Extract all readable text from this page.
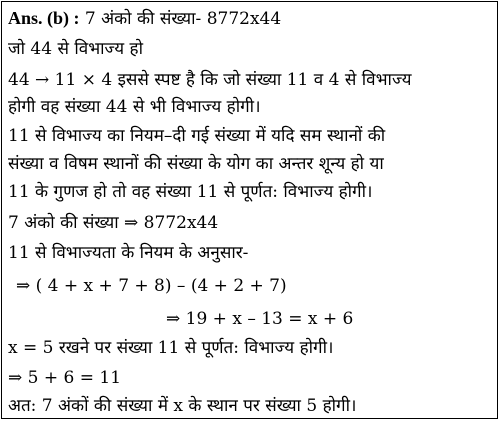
Ans. (b) : 7 अंको की संख्या- 8772x44
जो 44 से विभाज्य हो
44 → 11 × 4 इससे स्पष्ट है कि जो संख्या 11 व 4 से विभाज्य
होगी वह संख्या 44 से भी विभाज्य होगी।
11 से विभाज्य का नियम–दी गई संख्या में यदि सम स्थानों की
संख्या व विषम स्थानों की संख्या के योग का अन्तर शून्य हो या
11 के गुणज हो तो वह संख्या 11 से पूर्णत: विभाज्य होगी।
7 अंको की संख्या ⇒ 8772x44
11 से विभाज्यता के नियम के अनुसार-
⇒ ( 4 + x + 7 + 8) – (4 + 2 + 7)
⇒ 19 + x – 13 = x + 6
x = 5 रखने पर संख्या 11 से पूर्णत: विभाज्य होगी।
⇒ 5 + 6 = 11
अत: 7 अंकों की संख्या में x के स्थान पर संख्या 5 होगी।
